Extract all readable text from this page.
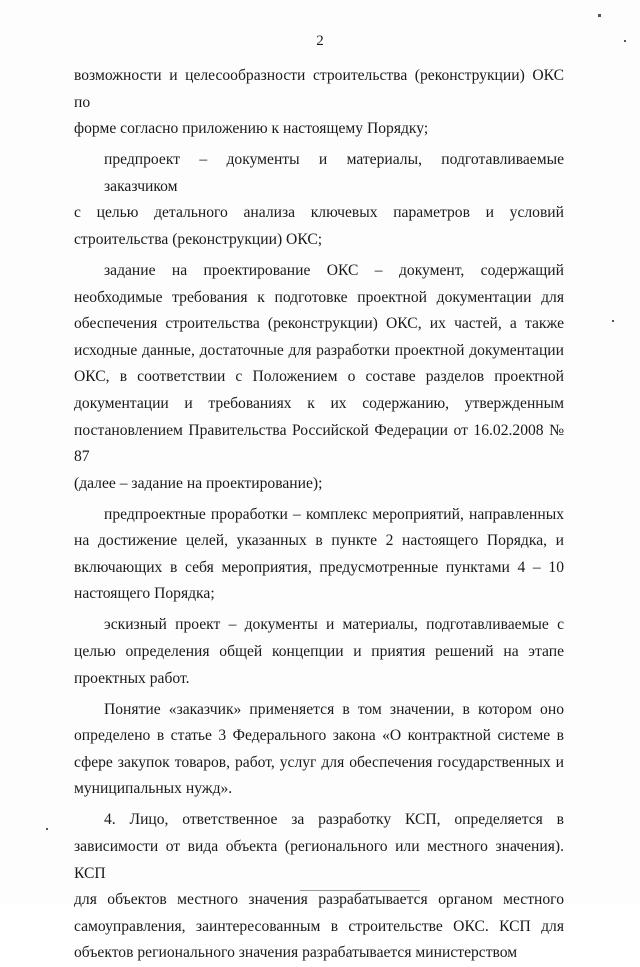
2
возможности и целесообразности строительства (реконструкции) ОКС по
форме согласно приложению к настоящему Порядку;
предпроект – документы и материалы, подготавливаемые заказчиком
с целью детального анализа ключевых параметров и условий
строительства (реконструкции) ОКС;
задание на проектирование ОКС – документ, содержащий
необходимые требования к подготовке проектной документации для
обеспечения строительства (реконструкции) ОКС, их частей, а также
исходные данные, достаточные для разработки проектной документации
ОКС, в соответствии с Положением о составе разделов проектной
документации и требованиях к их содержанию, утвержденным
постановлением Правительства Российской Федерации от 16.02.2008 № 87
(далее – задание на проектирование);
предпроектные проработки – комплекс мероприятий, направленных
на достижение целей, указанных в пункте 2 настоящего Порядка, и
включающих в себя мероприятия, предусмотренные пунктами 4 – 10
настоящего Порядка;
эскизный проект – документы и материалы, подготавливаемые с
целью определения общей концепции и приятия решений на этапе
проектных работ.
Понятие «заказчик» применяется в том значении, в котором оно
определено в статье 3 Федерального закона «О контрактной системе в
сфере закупок товаров, работ, услуг для обеспечения государственных и
муниципальных нужд».
4. Лицо, ответственное за разработку КСП, определяется в
зависимости от вида объекта (регионального или местного значения). КСП
для объектов местного значения разрабатывается органом местного
самоуправления, заинтересованным в строительстве ОКС. КСП для
объектов регионального значения разрабатывается министерством
